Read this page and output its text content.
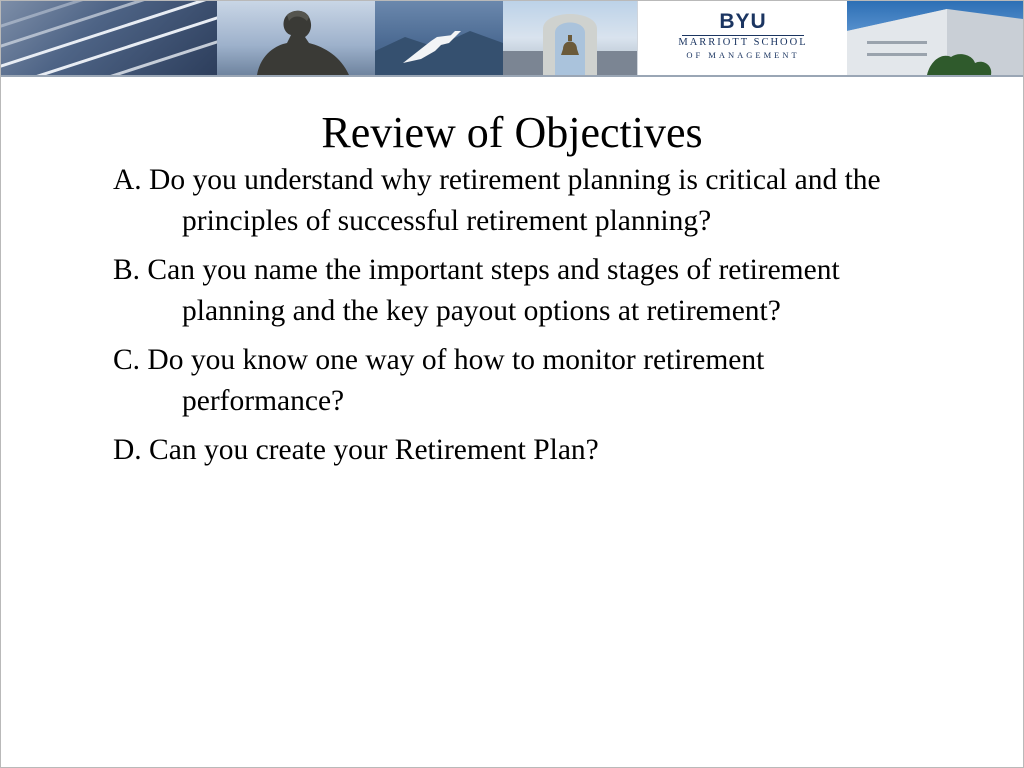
BYU
MARRIOTT SCHOOL
OF MANAGEMENT
Review of Objectives
A. Do you understand why retirement planning is critical and the principles of successful retirement planning?
B. Can you name the important steps and stages of retirement planning and the key payout options at retirement?
C. Do you know one way of how to monitor retirement performance?
D. Can you create your Retirement Plan?
